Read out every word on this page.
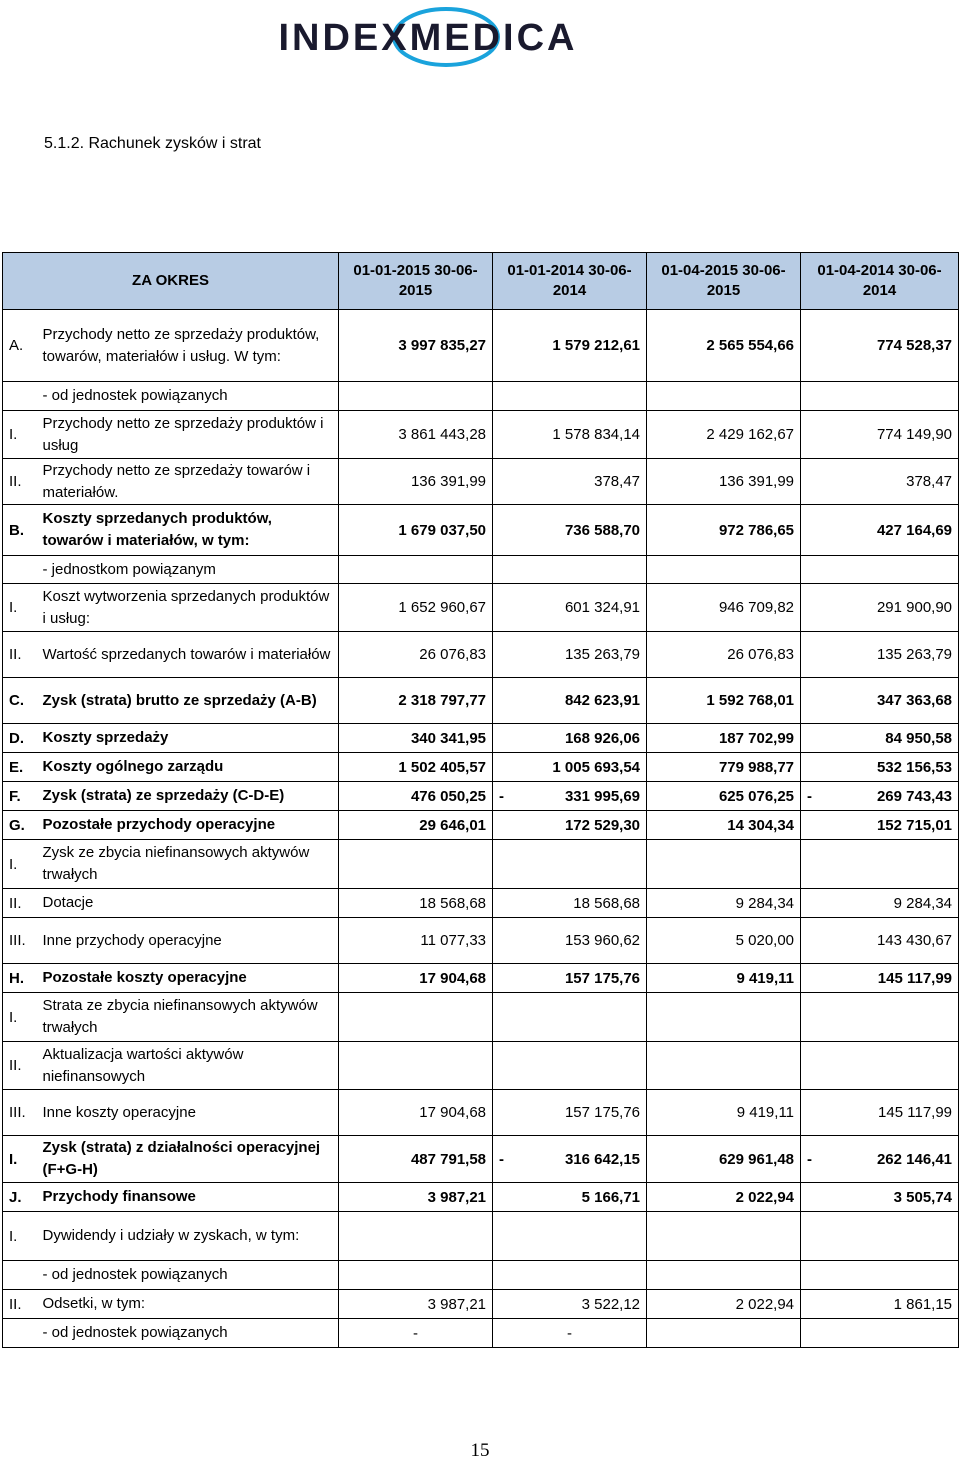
INDEXMEDICA
5.1.2. Rachunek zysków i strat
ZA OKRES		01-01-2015 30-06-2015	01-01-2014 30-06-2014	01-04-2015 30-06-2015	01-04-2014 30-06-2014
A.	Przychody netto ze sprzedaży produktów, towarów, materiałów i usług. W tym:	3 997 835,27	1 579 212,61	2 565 554,66	774 528,37
	- od jednostek powiązanych				
I.	Przychody netto ze sprzedaży produktów i usług	3 861 443,28	1 578 834,14	2 429 162,67	774 149,90
II.	Przychody netto ze sprzedaży towarów i materiałów.	136 391,99	378,47	136 391,99	378,47
B.	Koszty sprzedanych produktów, towarów i materiałów, w tym:	1 679 037,50	736 588,70	972 786,65	427 164,69
	- jednostkom powiązanym				
I.	Koszt wytworzenia sprzedanych produktów i usług:	1 652 960,67	601 324,91	946 709,82	291 900,90
II.	Wartość sprzedanych towarów i materiałów	26 076,83	135 263,79	26 076,83	135 263,79
C.	Zysk (strata) brutto ze sprzedaży (A-B)	2 318 797,77	842 623,91	1 592 768,01	347 363,68
D.	Koszty sprzedaży	340 341,95	168 926,06	187 702,99	84 950,58
E.	Koszty ogólnego zarządu	1 502 405,57	1 005 693,54	779 988,77	532 156,53
F.	Zysk (strata) ze sprzedaży (C-D-E)	476 050,25	- 331 995,69	625 076,25	- 269 743,43

G.	Pozostałe przychody operacyjne	29 646,01	172 529,30	14 304,34	152 715,01
I.	Zysk ze zbycia niefinansowych aktywów trwałych				
II.	Dotacje	18 568,68	18 568,68	9 284,34	9 284,34
III.	Inne przychody operacyjne	11 077,33	153 960,62	5 020,00	143 430,67
H.	Pozostałe koszty operacyjne	17 904,68	157 175,76	9 419,11	145 117,99
I.	Strata ze zbycia niefinansowych aktywów trwałych				
II.	Aktualizacja wartości aktywów niefinansowych				
III.	Inne koszty operacyjne	17 904,68	157 175,76	9 419,11	145 117,99
I.	Zysk (strata) z działalności operacyjnej (F+G-H)	487 791,58	- 316 642,15	629 961,48	- 262 146,41

J.	Przychody finansowe	3 987,21	5 166,71	2 022,94	3 505,74
I.	Dywidendy i udziały w zyskach, w tym:				
	- od jednostek powiązanych				
II.	Odsetki, w tym:	3 987,21	3 522,12	2 022,94	1 861,15
	- od jednostek powiązanych	-	-		
15
